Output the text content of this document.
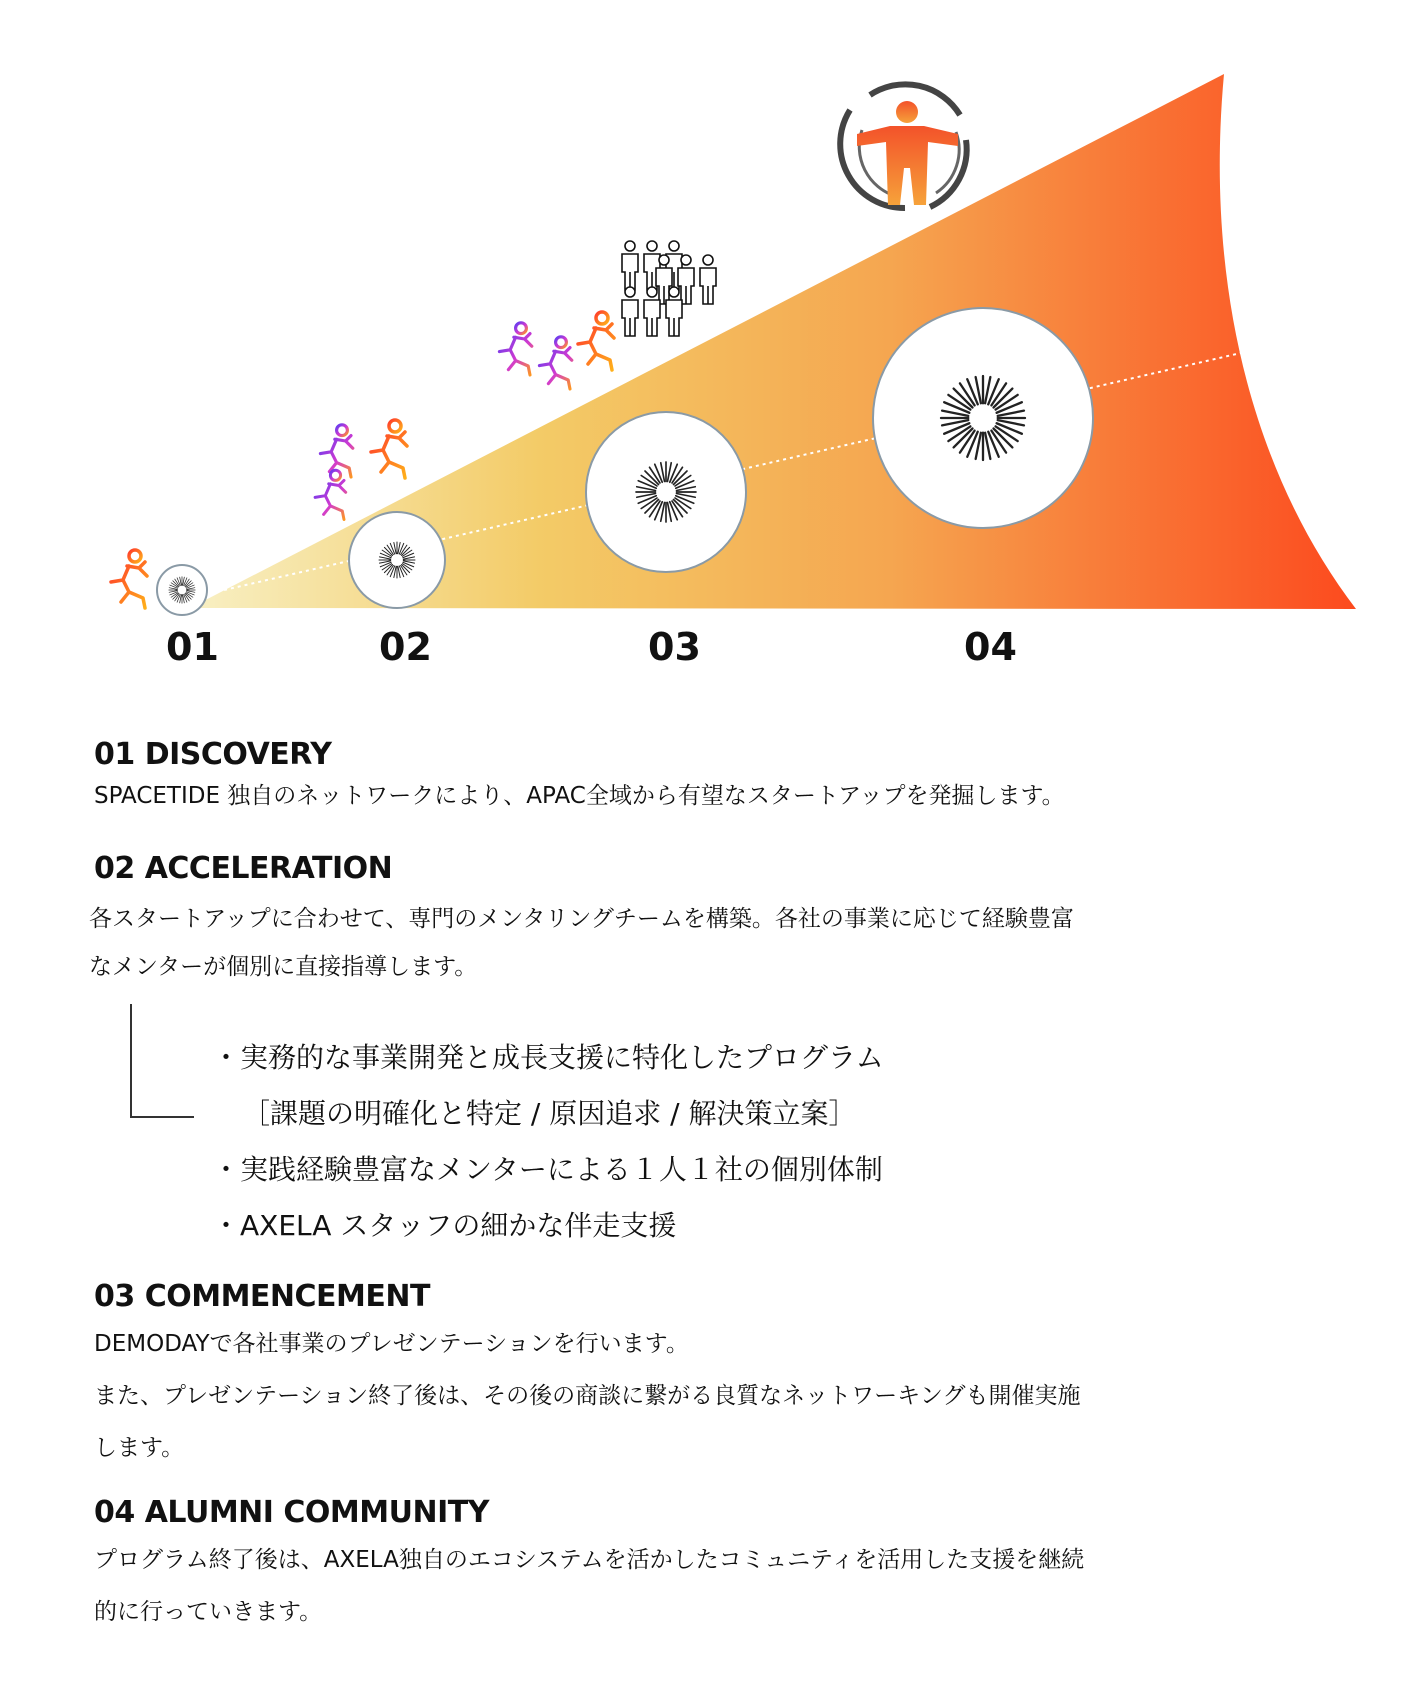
01	02	03	04
01 DISCOVERY

SPACETIDE 独自のネットワークにより、APAC全域から有望なスタートアップを発掘します。

02 ACCELERATION

各スタートアップに合わせて、専門のメンタリングチームを構築。各社の事業に応じて経験豊富

なメンターが個別に直接指導します。

・実務的な事業開発と成長支援に特化したプログラム
［課題の明確化と特定 / 原因追求 / 解決策立案］
・実践経験豊富なメンターによる１人１社の個別体制
・AXELA スタッフの細かな伴走支援
03 COMMENCEMENT

DEMODAYで各社事業のプレゼンテーションを行います。

また、プレゼンテーション終了後は、その後の商談に繋がる良質なネットワーキングも開催実施

します。

04 ALUMNI COMMUNITY

プログラム終了後は、AXELA独自のエコシステムを活かしたコミュニティを活用した支援を継続

的に行っていきます。
